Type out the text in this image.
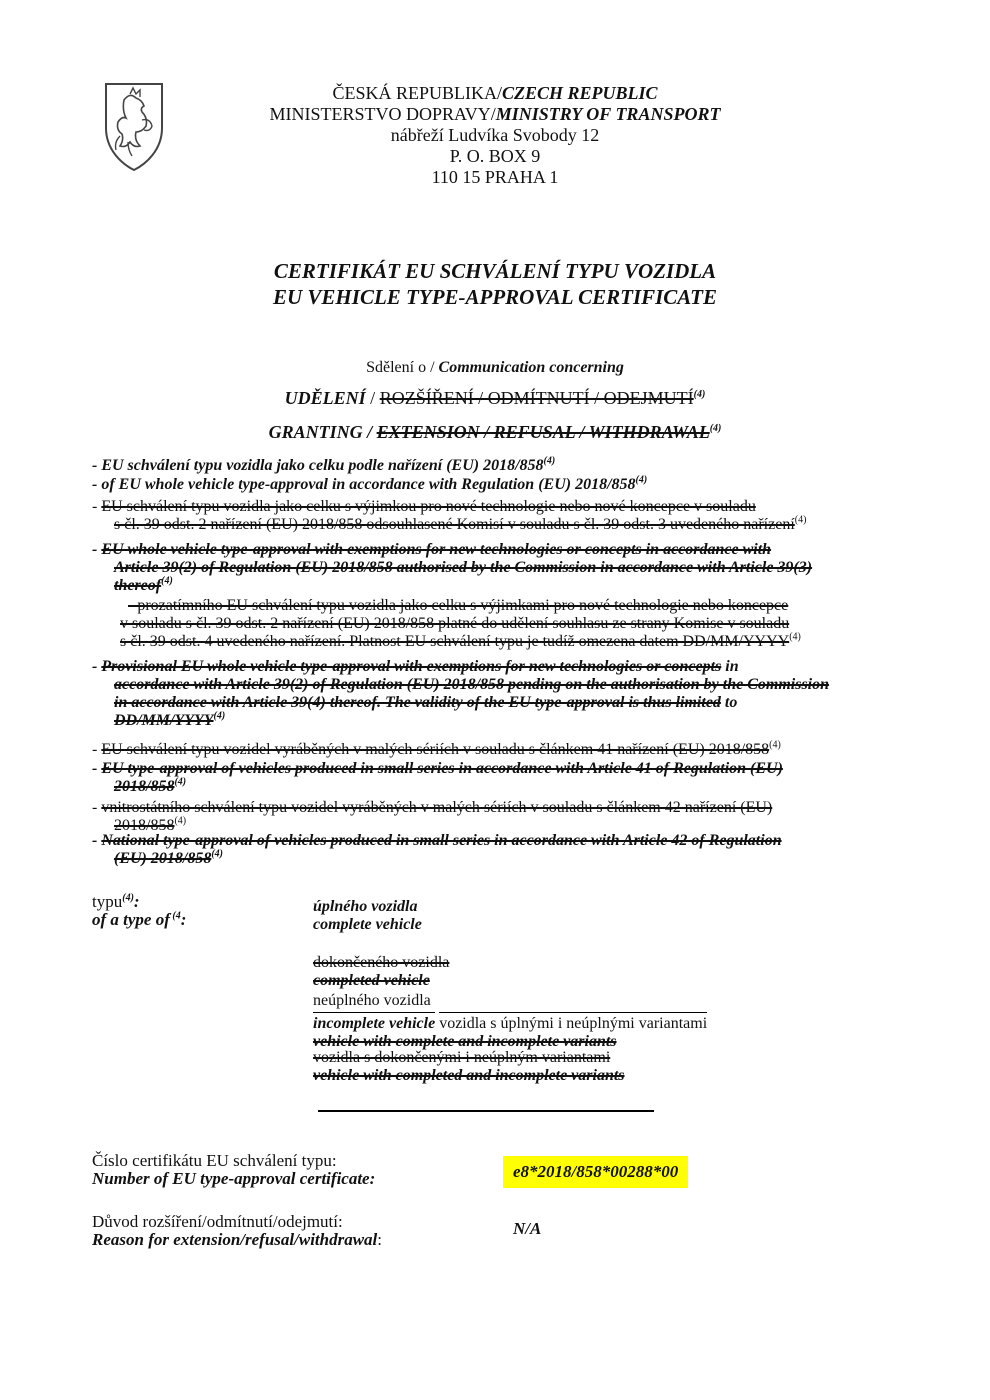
ČESKÁ REPUBLIKA/CZECH REPUBLIC
MINISTERSTVO DOPRAVY/MINISTRY OF TRANSPORT
nábřeží Ludvíka Svobody 12
P. O. BOX 9
110 15 PRAHA 1
CERTIFIKÁT EU SCHVÁLENÍ TYPU VOZIDLA
EU VEHICLE TYPE-APPROVAL CERTIFICATE
Sdělení o / Communication concerning
UDĚLENÍ / ROZŠÍŘENÍ / ODMÍTNUTÍ / ODEJMUTÍ$^{(4)}$
GRANTING / EXTENSION / REFUSAL / WITHDRAWAL$^{(4)}$
- EU schválení typu vozidla jako celku podle nařízení (EU) 2018/858$^{(4)}$
- of EU whole vehicle type-approval in accordance with Regulation (EU) 2018/858$^{(4)}$
- EU schválení typu vozidla jako celku s výjimkou pro nové technologie nebo nové koncepce v souladu
s čl. 39 odst. 2 nařízení (EU) 2018/858 odsouhlasené Komisí v souladu s čl. 39 odst. 3 uvedeného nařízení$^{(4)}$
- EU whole vehicle type-approval with exemptions for new technologies or concepts in accordance with
Article 39(2) of Regulation (EU) 2018/858 authorised by the Commission in accordance with Article 39(3)
thereof$^{(4)}$
- prozatímního EU schválení typu vozidla jako celku s výjimkami pro nové technologie nebo koncepce
v souladu s čl. 39 odst. 2 nařízení (EU) 2018/858 platné do udělení souhlasu ze strany Komise v souladu
s čl. 39 odst. 4 uvedeného nařízení. Platnost EU schválení typu je tudíž omezena datem DD/MM/YYYY$^{(4)}$
- Provisional EU whole vehicle type-approval with exemptions for new technologies or concepts in
accordance with Article 39(2) of Regulation (EU) 2018/858 pending on the authorisation by the Commission
in accordance with Article 39(4) thereof. The validity of the EU type-approval is thus limited to
DD/MM/YYYY$^{(4)}$
- EU schválení typu vozidel vyráběných v malých sériích v souladu s článkem 41 nařízení (EU) 2018/858$^{(4)}$
- EU type-approval of vehicles produced in small series in accordance with Article 41 of Regulation (EU)
2018/858$^{(4)}$
- vnitrostátního schválení typu vozidel vyráběných v malých sériích v souladu s článkem 42 nařízení (EU)
2018/858$^{(4)}$
- National type-approval of vehicles produced in small series in accordance with Article 42 of Regulation
(EU) 2018/858$^{(4)}$
typu$^{(4)}$:
of a type of $^{(4}$:
úplného vozidla
complete vehicle
dokončeného vozidla
completed vehicle
neúplného vozidla
incomplete vehicle vozidla s úplnými i neúplnými variantami
vehicle with complete and incomplete variants
vozidla s dokončenými i neúplným variantami
vehicle with completed and incomplete variants
Číslo certifikátu EU schválení typu:
Number of EU type-approval certificate:	e8*2018/858*00288*00
Důvod rozšíření/odmítnutí/odejmutí:
Reason for extension/refusal/withdrawal:
N/A
